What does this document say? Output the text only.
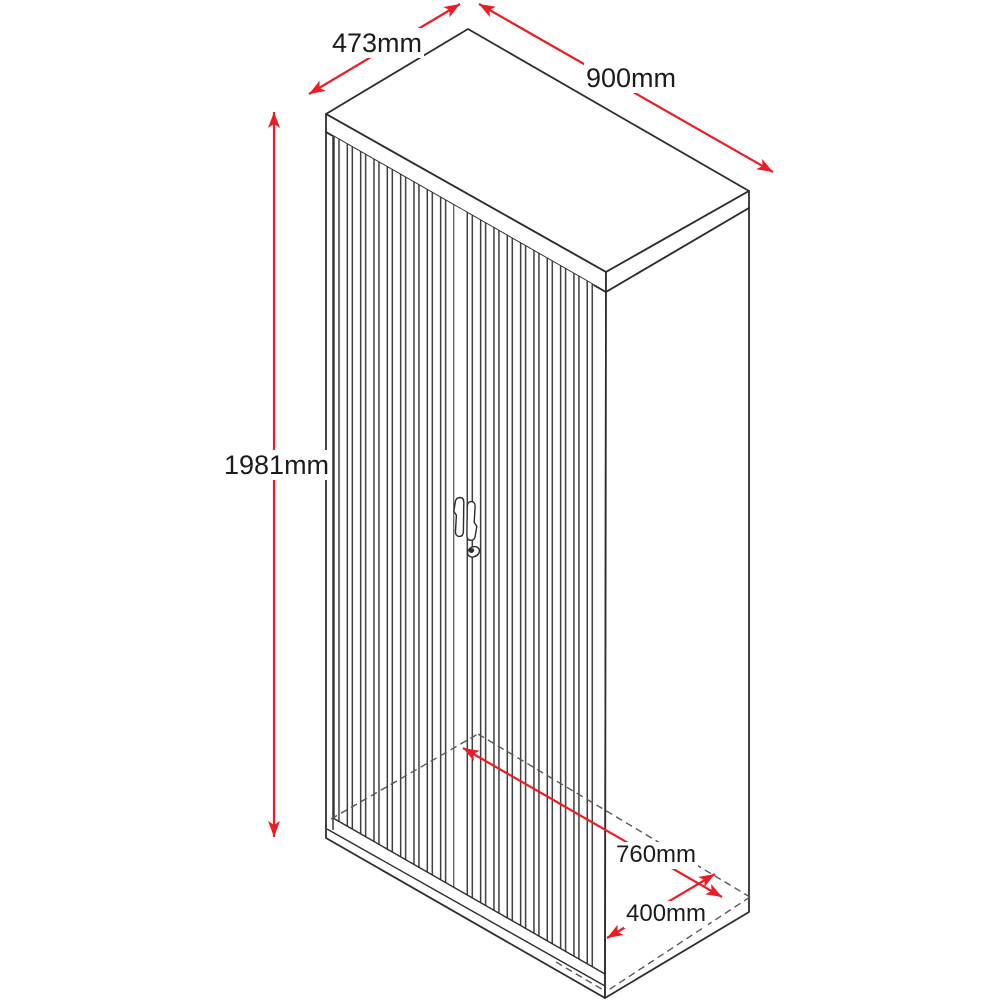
473mm
900mm
1981mm
760mm
400mm
